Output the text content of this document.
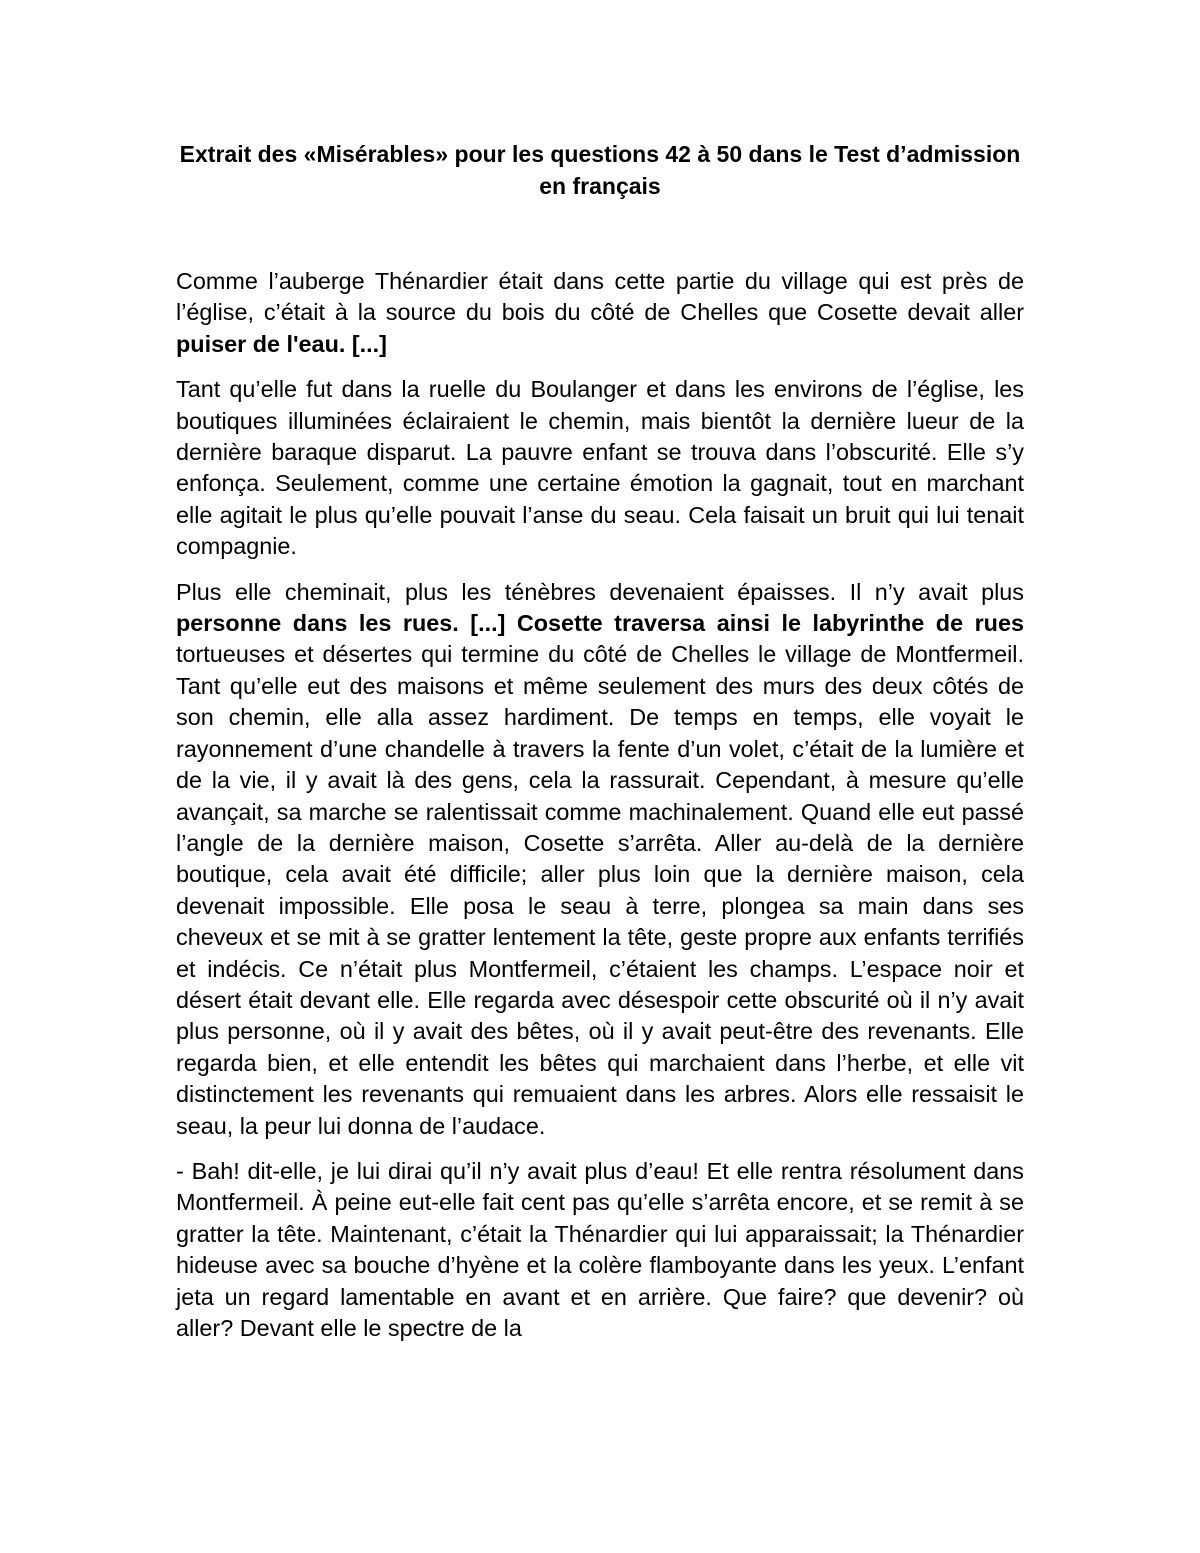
Extrait des «Misérables» pour les questions 42 à 50 dans le Test d’admission en français

Comme l’auberge Thénardier était dans cette partie du village qui est près de l’église, c’était à la source du bois du côté de Chelles que Cosette devait aller puiser de l'eau. [...]

Tant qu’elle fut dans la ruelle du Boulanger et dans les environs de l’église, les boutiques illuminées éclairaient le chemin, mais bientôt la dernière lueur de la dernière baraque disparut. La pauvre enfant se trouva dans l’obscurité. Elle s’y enfonça. Seulement, comme une certaine émotion la gagnait, tout en marchant elle agitait le plus qu’elle pouvait l’anse du seau. Cela faisait un bruit qui lui tenait compagnie.

Plus elle cheminait, plus les ténèbres devenaient épaisses. Il n’y avait plus personne dans les rues. [...] Cosette traversa ainsi le labyrinthe de rues tortueuses et désertes qui termine du côté de Chelles le village de Montfermeil. Tant qu’elle eut des maisons et même seulement des murs des deux côtés de son chemin, elle alla assez hardiment. De temps en temps, elle voyait le rayonnement d’une chandelle à travers la fente d’un volet, c’était de la lumière et de la vie, il y avait là des gens, cela la rassurait. Cependant, à mesure qu’elle avançait, sa marche se ralentissait comme machinalement. Quand elle eut passé l’angle de la dernière maison, Cosette s’arrêta. Aller au-delà de la dernière boutique, cela avait été difficile; aller plus loin que la dernière maison, cela devenait impossible. Elle posa le seau à terre, plongea sa main dans ses cheveux et se mit à se gratter lentement la tête, geste propre aux enfants terrifiés et indécis. Ce n’était plus Montfermeil, c’étaient les champs. L’espace noir et désert était devant elle. Elle regarda avec désespoir cette obscurité où il n’y avait plus personne, où il y avait des bêtes, où il y avait peut-être des revenants. Elle regarda bien, et elle entendit les bêtes qui marchaient dans l’herbe, et elle vit distinctement les revenants qui remuaient dans les arbres. Alors elle ressaisit le seau, la peur lui donna de l’audace.

- Bah! dit-elle, je lui dirai qu’il n’y avait plus d’eau! Et elle rentra résolument dans Montfermeil. À peine eut-elle fait cent pas qu’elle s’arrêta encore, et se remit à se gratter la tête. Maintenant, c’était la Thénardier qui lui apparaissait; la Thénardier hideuse avec sa bouche d’hyène et la colère flamboyante dans les yeux. L’enfant jeta un regard lamentable en avant et en arrière. Que faire? que devenir? où aller? Devant elle le spectre de la
